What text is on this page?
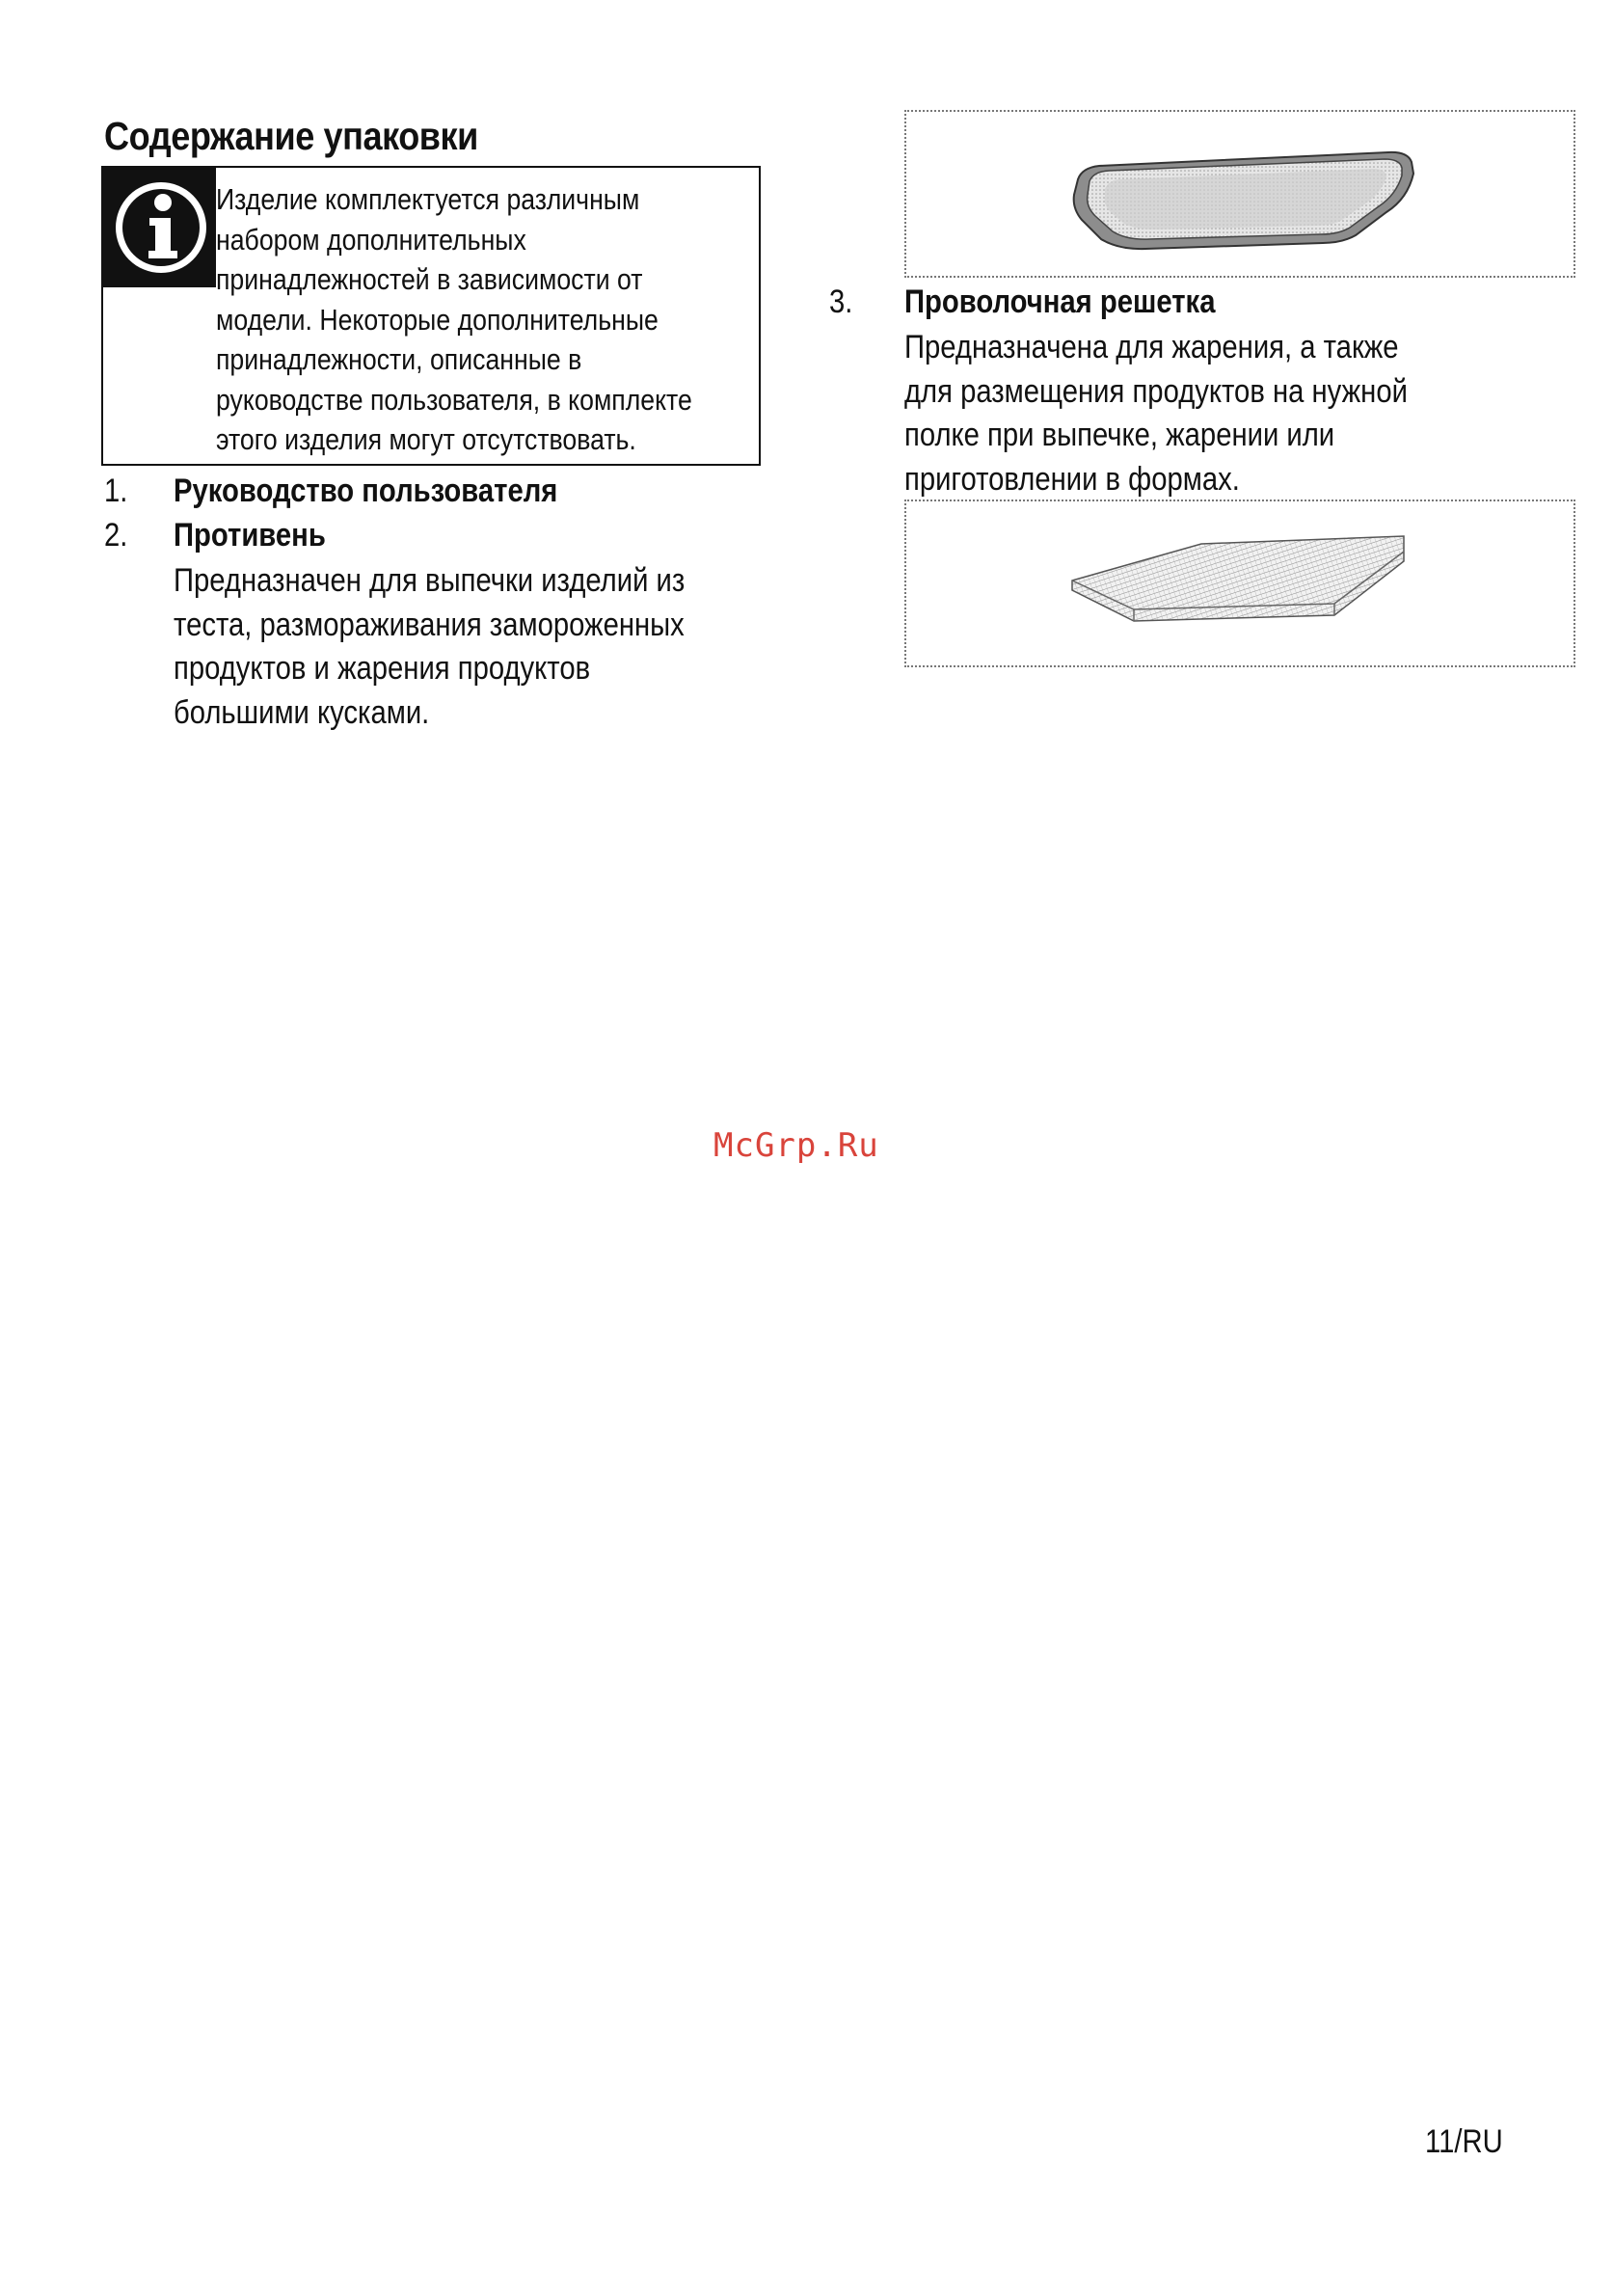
Содержание упаковки
Изделие комплектуется различным
набором дополнительных
принадлежностей в зависимости от
модели. Некоторые дополнительные
принадлежности, описанные в
руководстве пользователя, в комплекте
этого изделия могут отсутствовать.
1. Руководство пользователя
2. Противень
Предназначен для выпечки изделий из
теста, размораживания замороженных
продуктов и жарения продуктов
большими кусками.
3. Проволочная решетка
Предназначена для жарения, а также
для размещения продуктов на нужной
полке при выпечке, жарении или
приготовлении в формах.
McGrp.Ru
11/RU
